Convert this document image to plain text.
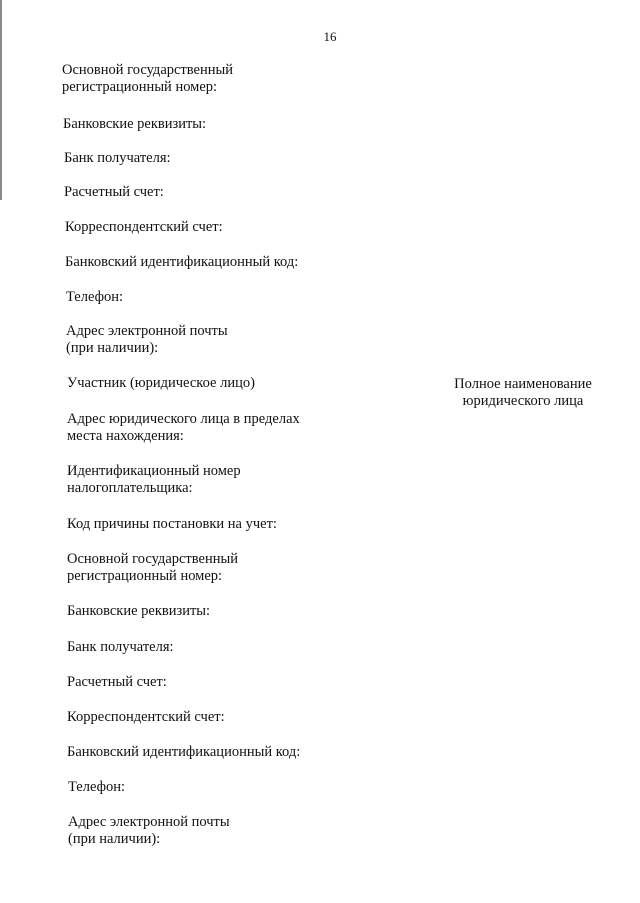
16
Основной государственный
регистрационный номер:
Банковские реквизиты:
Банк получателя:
Расчетный счет:
Корреспондентский счет:
Банковский идентификационный код:
Телефон:
Адрес электронной почты
(при наличии):
Участник (юридическое лицо)	Полное наименование
юридического лица
Адрес юридического лица в пределах
места нахождения:
Идентификационный номер
налогоплательщика:
Код причины постановки на учет:
Основной государственный
регистрационный номер:
Банковские реквизиты:
Банк получателя:
Расчетный счет:
Корреспондентский счет:
Банковский идентификационный код:
Телефон:
Адрес электронной почты
(при наличии):
